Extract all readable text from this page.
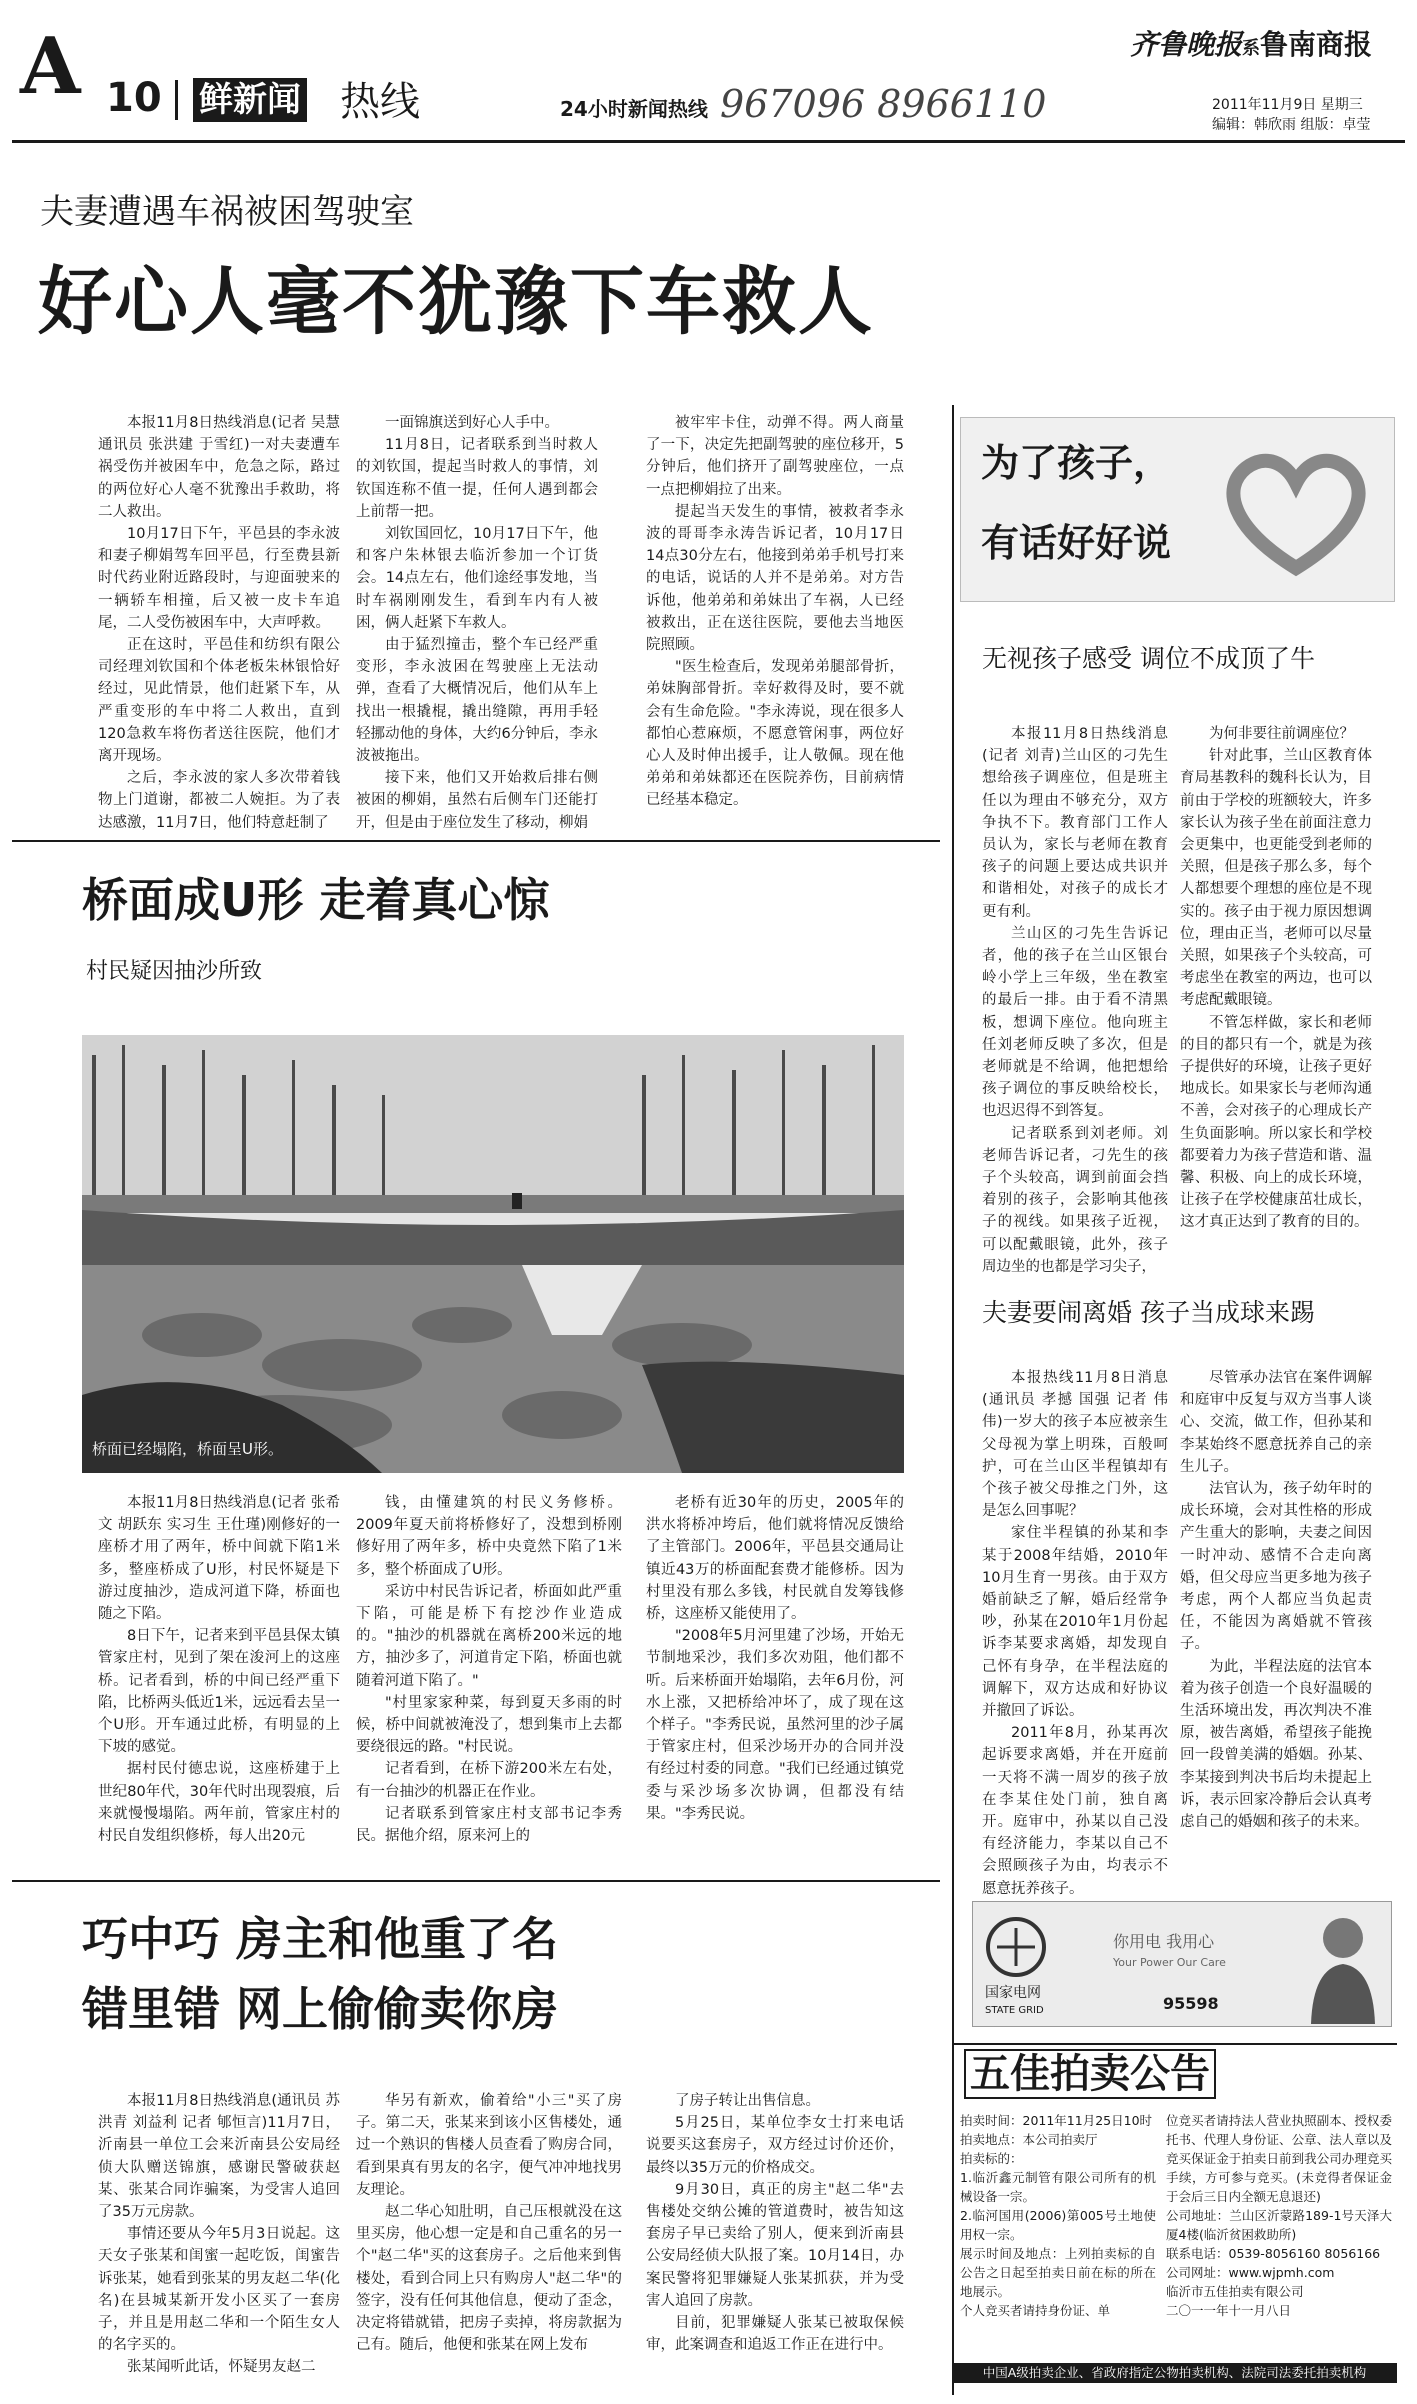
A 10 鲜新闻 热线	24小时新闻热线 967096 8966110
齐鲁晚报系鲁南商报
2011年11月9日 星期三
编辑：韩欣雨 组版：卓莹
夫妻遭遇车祸被困驾驶室
好心人毫不犹豫下车救人

本报11月8日热线消息(记者 吴慧 通讯员 张洪建 于雪红)一对夫妻遭车祸受伤并被困车中，危急之际，路过的两位好心人毫不犹豫出手救助，将二人救出。

10月17日下午，平邑县的李永波和妻子柳娟驾车回平邑，行至费县新时代药业附近路段时，与迎面驶来的一辆轿车相撞，后又被一皮卡车追尾，二人受伤被困车中，大声呼救。

正在这时，平邑佳和纺织有限公司经理刘钦国和个体老板朱林银恰好经过，见此情景，他们赶紧下车，从严重变形的车中将二人救出，直到120急救车将伤者送往医院，他们才离开现场。

之后，李永波的家人多次带着钱物上门道谢，都被二人婉拒。为了表达感激，11月7日，他们特意赶制了

一面锦旗送到好心人手中。

11月8日，记者联系到当时救人的刘钦国，提起当时救人的事情，刘钦国连称不值一提，任何人遇到都会上前帮一把。

刘钦国回忆，10月17日下午，他和客户朱林银去临沂参加一个订货会。14点左右，他们途经事发地，当时车祸刚刚发生，看到车内有人被困，俩人赶紧下车救人。

由于猛烈撞击，整个车已经严重变形，李永波困在驾驶座上无法动弹，查看了大概情况后，他们从车上找出一根撬棍，撬出缝隙，再用手轻轻挪动他的身体，大约6分钟后，李永波被拖出。

接下来，他们又开始救后排右侧被困的柳娟，虽然右后侧车门还能打开，但是由于座位发生了移动，柳娟

被牢牢卡住，动弹不得。两人商量了一下，决定先把副驾驶的座位移开，5分钟后，他们挤开了副驾驶座位，一点一点把柳娟拉了出来。

提起当天发生的事情，被救者李永波的哥哥李永涛告诉记者，10月17日14点30分左右，他接到弟弟手机号打来的电话，说话的人并不是弟弟。对方告诉他，他弟弟和弟妹出了车祸，人已经被救出，正在送往医院，要他去当地医院照顾。

"医生检查后，发现弟弟腿部骨折，弟妹胸部骨折。幸好救得及时，要不就会有生命危险。"李永涛说，现在很多人都怕心惹麻烦，不愿意管闲事，两位好心人及时伸出援手，让人敬佩。现在他弟弟和弟妹都还在医院养伤，目前病情已经基本稳定。

桥面成U形 走着真心惊
村民疑因抽沙所致
桥面已经塌陷，桥面呈U形。

本报11月8日热线消息(记者 张希文 胡跃东 实习生 王仕瑾)刚修好的一座桥才用了两年，桥中间就下陷1米多，整座桥成了U形，村民怀疑是下游过度抽沙，造成河道下降，桥面也随之下陷。

8日下午，记者来到平邑县保太镇管家庄村，见到了架在浚河上的这座桥。记者看到，桥的中间已经严重下陷，比桥两头低近1米，远远看去呈一个U形。开车通过此桥，有明显的上下坡的感觉。

据村民付德忠说，这座桥建于上世纪80年代，30年代时出现裂痕，后来就慢慢塌陷。两年前，管家庄村的村民自发组织修桥，每人出20元

钱，由懂建筑的村民义务修桥。2009年夏天前将桥修好了，没想到桥刚修好用了两年多，桥中央竟然下陷了1米多，整个桥面成了U形。

采访中村民告诉记者，桥面如此严重下陷，可能是桥下有挖沙作业造成的。"抽沙的机器就在离桥200米远的地方，抽沙多了，河道肯定下陷，桥面也就随着河道下陷了。"

"村里家家种菜，每到夏天多雨的时候，桥中间就被淹没了，想到集市上去都要绕很远的路。"村民说。

记者看到，在桥下游200米左右处，有一台抽沙的机器正在作业。

记者联系到管家庄村支部书记李秀民。据他介绍，原来河上的

老桥有近30年的历史，2005年的洪水将桥冲垮后，他们就将情况反馈给了主管部门。2006年，平邑县交通局让镇近43万的桥面配套费才能修桥。因为村里没有那么多钱，村民就自发筹钱修桥，这座桥又能使用了。

"2008年5月河里建了沙场，开始无节制地采沙，我们多次劝阻，他们都不听。后来桥面开始塌陷，去年6月份，河水上涨，又把桥给冲坏了，成了现在这个样子。"李秀民说，虽然河里的沙子属于管家庄村，但采沙场开办的合同并没有经过村委的同意。"我们已经通过镇党委与采沙场多次协调，但都没有结果。"李秀民说。

巧中巧 房主和他重了名
错里错 网上偷偷卖你房

本报11月8日热线消息(通讯员 苏洪青 刘益利 记者 郇恒言)11月7日，沂南县一单位工会来沂南县公安局经侦大队赠送锦旗，感谢民警破获赵某、张某合同诈骗案，为受害人追回了35万元房款。

事情还要从今年5月3日说起。这天女子张某和闺蜜一起吃饭，闺蜜告诉张某，她看到张某的男友赵二华(化名)在县城某新开发小区买了一套房子，并且是用赵二华和一个陌生女人的名字买的。

张某闻听此话，怀疑男友赵二

华另有新欢，偷着给"小三"买了房子。第二天，张某来到该小区售楼处，通过一个熟识的售楼人员查看了购房合同，看到果真有男友的名字，便气冲冲地找男友理论。

赵二华心知肚明，自己压根就没在这里买房，他心想一定是和自己重名的另一个"赵二华"买的这套房子。之后他来到售楼处，看到合同上只有购房人"赵二华"的签字，没有任何其他信息，便动了歪念，决定将错就错，把房子卖掉，将房款据为己有。随后，他便和张某在网上发布

了房子转让出售信息。

5月25日，某单位李女士打来电话说要买这套房子，双方经过讨价还价，最终以35万元的价格成交。

9月30日，真正的房主"赵二华"去售楼处交纳公摊的管道费时，被告知这套房子早已卖给了别人，便来到沂南县公安局经侦大队报了案。10月14日，办案民警将犯罪嫌疑人张某抓获，并为受害人追回了房款。

目前，犯罪嫌疑人张某已被取保候审，此案调查和追返工作正在进行中。

为了孩子，
有话好好说
无视孩子感受 调位不成顶了牛

本报11月8日热线消息(记者 刘青)兰山区的刁先生想给孩子调座位，但是班主任以为理由不够充分，双方争执不下。教育部门工作人员认为，家长与老师在教育孩子的问题上要达成共识并和谐相处，对孩子的成长才更有利。

兰山区的刁先生告诉记者，他的孩子在兰山区银台岭小学上三年级，坐在教室的最后一排。由于看不清黑板，想调下座位。他向班主任刘老师反映了多次，但是老师就是不给调，他把想给孩子调位的事反映给校长，也迟迟得不到答复。

记者联系到刘老师。刘老师告诉记者，刁先生的孩子个头较高，调到前面会挡着别的孩子，会影响其他孩子的视线。如果孩子近视，可以配戴眼镜，此外，孩子周边坐的也都是学习尖子，

为何非要往前调座位？

针对此事，兰山区教育体育局基教科的魏科长认为，目前由于学校的班额较大，许多家长认为孩子坐在前面注意力会更集中，也更能受到老师的关照，但是孩子那么多，每个人都想要个理想的座位是不现实的。孩子由于视力原因想调位，理由正当，老师可以尽量关照，如果孩子个头较高，可考虑坐在教室的两边，也可以考虑配戴眼镜。

不管怎样做，家长和老师的目的都只有一个，就是为孩子提供好的环境，让孩子更好地成长。如果家长与老师沟通不善，会对孩子的心理成长产生负面影响。所以家长和学校都要着力为孩子营造和谐、温馨、积极、向上的成长环境，让孩子在学校健康茁壮成长，这才真正达到了教育的目的。

夫妻要闹离婚 孩子当成球来踢

本报热线11月8日消息(通讯员 孝撼 国强 记者 伟伟)一岁大的孩子本应被亲生父母视为掌上明珠，百般呵护，可在兰山区半程镇却有个孩子被父母推之门外，这是怎么回事呢？

家住半程镇的孙某和李某于2008年结婚，2010年10月生育一男孩。由于双方婚前缺乏了解，婚后经常争吵，孙某在2010年1月份起诉李某要求离婚，却发现自己怀有身孕，在半程法庭的调解下，双方达成和好协议并撤回了诉讼。

2011年8月，孙某再次起诉要求离婚，并在开庭前一天将不满一周岁的孩子放在李某住处门前，独自离开。庭审中，孙某以自己没有经济能力，李某以自己不会照顾孩子为由，均表示不愿意抚养孩子。

尽管承办法官在案件调解和庭审中反复与双方当事人谈心、交流，做工作，但孙某和李某始终不愿意抚养自己的亲生儿子。

法官认为，孩子幼年时的成长环境，会对其性格的形成产生重大的影响，夫妻之间因一时冲动、感情不合走向离婚，但父母应当更多地为孩子考虑，两个人都应当负起责任，不能因为离婚就不管孩子。

为此，半程法庭的法官本着为孩子创造一个良好温暖的生活环境出发，再次判决不准原，被告离婚，希望孩子能挽回一段曾美满的婚姻。孙某、李某接到判决书后均未提起上诉，表示回家冷静后会认真考虑自己的婚姻和孩子的未来。

国家电网
STATE GRID
你用电 我用心
Your Power Our Care
95598
五佳拍卖公告

拍卖时间：2011年11月25日10时

拍卖地点：本公司拍卖厅

拍卖标的：

1.临沂鑫元制管有限公司所有的机械设备一宗。

2.临河国用(2006)第005号土地使用权一宗。

展示时间及地点：上列拍卖标的自公告之日起至拍卖日前在标的所在地展示。

个人竞买者请持身份证、单

位竞买者请持法人营业执照副本、授权委托书、代理人身份证、公章、法人章以及竞买保证金于拍卖日前到我公司办理竞买手续，方可参与竞买。(未竞得者保证金于会后三日内全额无息退还)

公司地址：兰山区沂蒙路189-1号天泽大厦4楼(临沂贫困救助所)

联系电话：0539-8056160 8056166

公司网址：www.wjpmh.com

临沂市五佳拍卖有限公司

二〇一一年十一月八日

中国A级拍卖企业、省政府指定公物拍卖机构、法院司法委托拍卖机构
